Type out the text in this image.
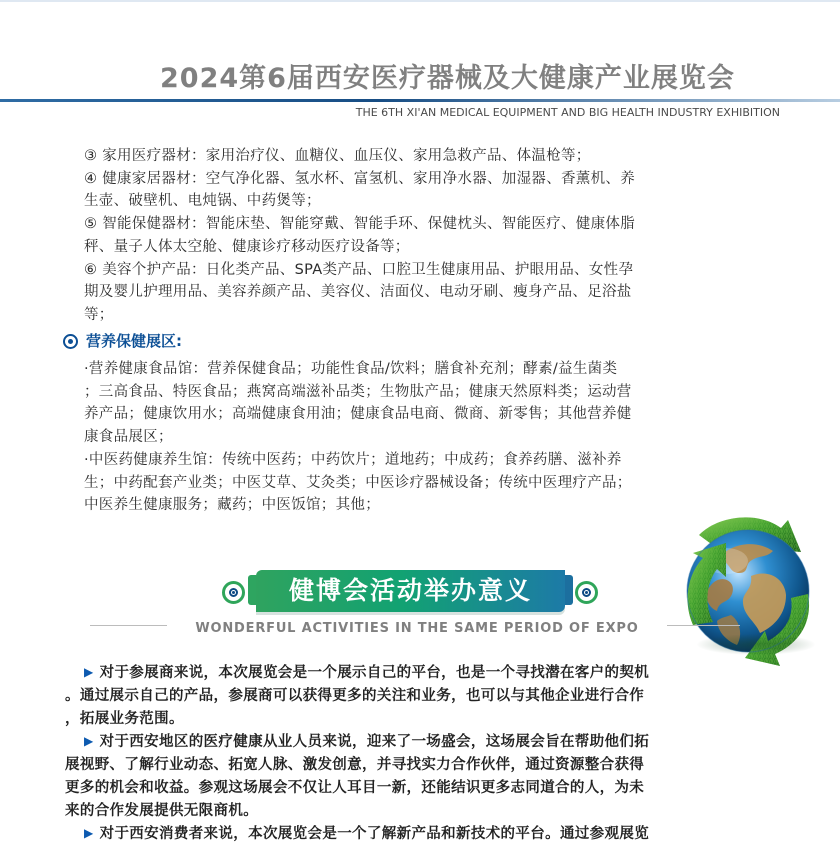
2024第6届西安医疗器械及大健康产业展览会
THE 6TH XI'AN MEDICAL EQUIPMENT AND BIG HEALTH INDUSTRY EXHIBITION

③ 家用医疗器材：家用治疗仪、血糖仪、血压仪、家用急救产品、体温枪等；

④ 健康家居器材：空气净化器、氢水杯、富氢机、家用净水器、加湿器、香薰机、养

生壶、破壁机、电炖锅、中药煲等；

⑤ 智能保健器材：智能床垫、智能穿戴、智能手环、保健枕头、智能医疗、健康体脂

秤、量子人体太空舱、健康诊疗移动医疗设备等；

⑥ 美容个护产品：日化类产品、SPA类产品、口腔卫生健康用品、护眼用品、女性孕

期及婴儿护理用品、美容养颜产品、美容仪、洁面仪、电动牙刷、瘦身产品、足浴盐

等；

营养保健展区:

·营养健康食品馆：营养保健食品；功能性食品/饮料；膳食补充剂；酵素/益生菌类

；三高食品、特医食品；燕窝高端滋补品类；生物肽产品；健康天然原料类；运动营

养产品；健康饮用水；高端健康食用油；健康食品电商、微商、新零售；其他营养健

康食品展区；

·中医药健康养生馆：传统中医药；中药饮片；道地药；中成药；食养药膳、滋补养

生；中药配套产业类；中医艾草、艾灸类；中医诊疗器械设备；传统中医理疗产品；

中医养生健康服务；藏药；中医饭馆；其他；

健博会活动举办意义
WONDERFUL ACTIVITIES IN THE SAME PERIOD OF EXPO

▶ 对于参展商来说，本次展览会是一个展示自己的平台，也是一个寻找潜在客户的契机

。通过展示自己的产品，参展商可以获得更多的关注和业务，也可以与其他企业进行合作

，拓展业务范围。

▶ 对于西安地区的医疗健康从业人员来说，迎来了一场盛会，这场展会旨在帮助他们拓

展视野、了解行业动态、拓宽人脉、激发创意，并寻找实力合作伙伴，通过资源整合获得

更多的机会和收益。参观这场展会不仅让人耳目一新，还能结识更多志同道合的人，为未

来的合作发展提供无限商机。

▶ 对于西安消费者来说，本次展览会是一个了解新产品和新技术的平台。通过参观展览
